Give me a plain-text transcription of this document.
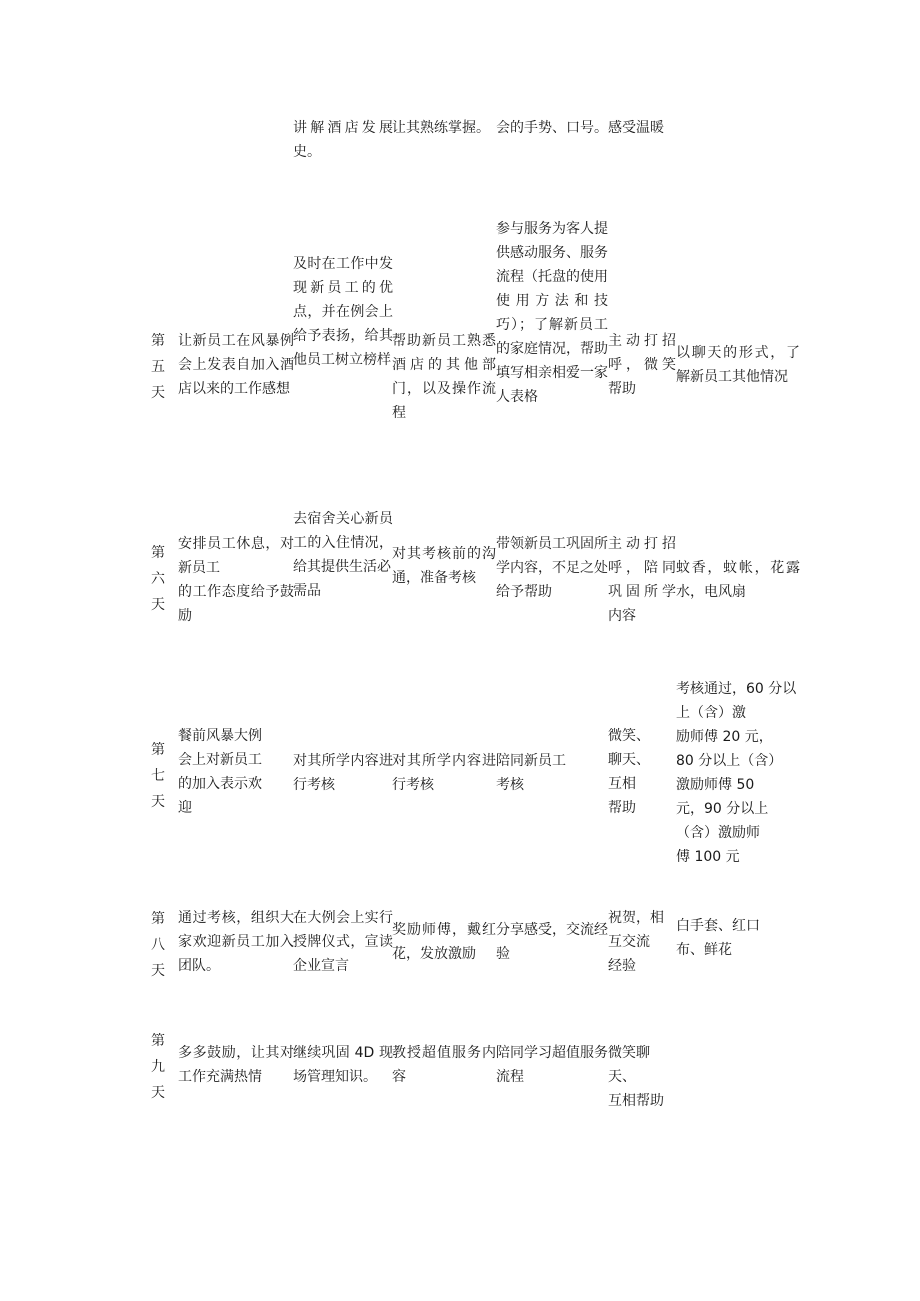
讲解酒店发展史。
让其熟练掌握。 会的手势、口号。感受温暖
第
五
天
让新员工在风暴例会上发表自加入酒店以来的工作感想
及时在工作中发现新员工的优点，并在例会上给予表扬，给其他员工树立榜样
帮助新员工熟悉酒店的其他部门，以及操作流程
参与服务为客人提供感动服务、服务流程（托盘的使用使用方法和技巧）；了解新员工的家庭情况，帮助填写相亲相爱一家人表格
主动打招呼，微笑帮助
以聊天的形式，了解新员工其他情况
第
六
天
安排员工休息，对新员工
的工作态度给予鼓励
去宿舍关心新员工的入住情况，给其提供生活必
需品
对其考核前的沟通，准备考核
带领新员工巩固所学内容，不足之处给予帮助
主动打招呼，陪同巩固所学内容
蚊香，蚊帐，花露水，电风扇
第
七
天
餐前风暴大例会上对新员工的加入表示欢迎
对其所学内容进行考核
对其所学内容进行考核
陪同新员工考核
微笑、
聊天、
互相
帮助
考核通过，60 分以上（含）激
励师傅 20 元，
80 分以上（含）
激励师傅 50
元，90 分以上
（含）激励师
傅 100 元
第
八
天
通过考核，组织大家欢迎新员工加入团队。
在大例会上实行授牌仪式，宣读企业宣言
奖励师傅，戴红花，发放激励
分享感受，交流经验
祝贺，相互交流
经验
白手套、红口
布、鲜花
第
九
天
多多鼓励，让其对工作充满热情
继续巩固 4D 现场管理知识。
教授超值服务内容
陪同学习超值服务流程
微笑聊天、
互相帮助
